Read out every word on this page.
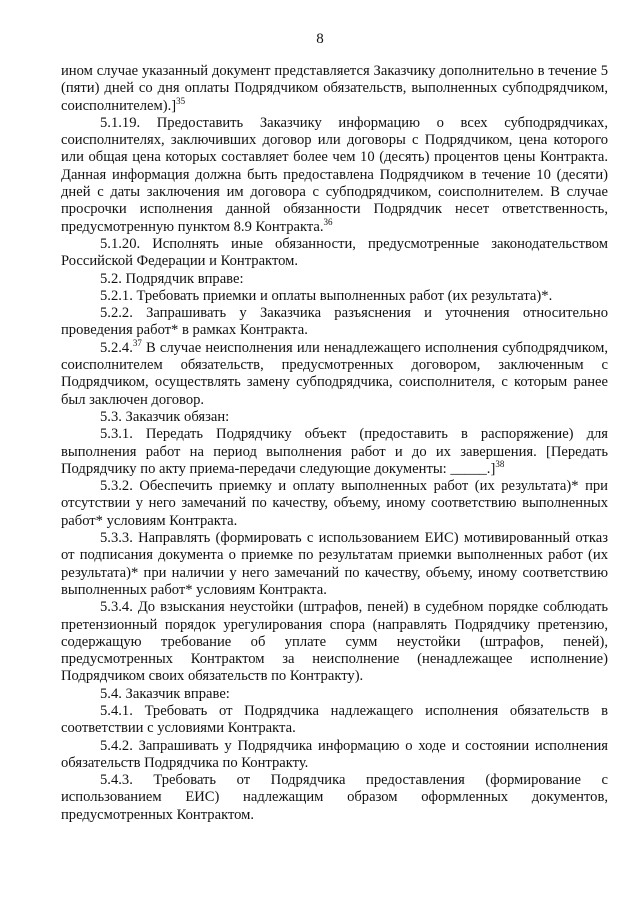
8

ином случае указанный документ представляется Заказчику дополнительно в течение 5 (пяти) дней со дня оплаты Подрядчиком обязательств, выполненных субподрядчиком, соисполнителем).]$^{35}$

5.1.19. Предоставить Заказчику информацию о всех субподрядчиках, соисполнителях, заключивших договор или договоры с Подрядчиком, цена которого или общая цена которых составляет более чем 10 (десять) процентов цены Контракта. Данная информация должна быть предоставлена Подрядчиком в течение 10 (десяти) дней с даты заключения им договора с субподрядчиком, соисполнителем. В случае просрочки исполнения данной обязанности Подрядчик несет ответственность, предусмотренную пунктом 8.9 Контракта.$^{36}$

5.1.20. Исполнять иные обязанности, предусмотренные законодательством Российской Федерации и Контрактом.

5.2. Подрядчик вправе:

5.2.1. Требовать приемки и оплаты выполненных работ (их результата)*.

5.2.2. Запрашивать у Заказчика разъяснения и уточнения относительно проведения работ* в рамках Контракта.

5.2.4.37 В случае неисполнения или ненадлежащего исполнения субподрядчиком, соисполнителем обязательств, предусмотренных договором, заключенным с Подрядчиком, осуществлять замену субподрядчика, соисполнителя, с которым ранее был заключен договор.

5.3. Заказчик обязан:

5.3.1. Передать Подрядчику объект (предоставить в распоряжение) для выполнения работ на период выполнения работ и до их завершения. [Передать Подрядчику по акту приема-передачи следующие документы: _____.]$^{38}$

5.3.2. Обеспечить приемку и оплату выполненных работ (их результата)* при отсутствии у него замечаний по качеству, объему, иному соответствию выполненных работ* условиям Контракта.

5.3.3. Направлять (формировать с использованием ЕИС) мотивированный отказ от подписания документа о приемке по результатам приемки выполненных работ (их результата)* при наличии у него замечаний по качеству, объему, иному соответствию выполненных работ* условиям Контракта.

5.3.4. До взыскания неустойки (штрафов, пеней) в судебном порядке соблюдать претензионный порядок урегулирования спора (направлять Подрядчику претензию, содержащую требование об уплате сумм неустойки (штрафов, пеней), предусмотренных Контрактом за неисполнение (ненадлежащее исполнение) Подрядчиком своих обязательств по Контракту).

5.4. Заказчик вправе:

5.4.1. Требовать от Подрядчика надлежащего исполнения обязательств в соответствии с условиями Контракта.

5.4.2. Запрашивать у Подрядчика информацию о ходе и состоянии исполнения обязательств Подрядчика по Контракту.

5.4.3. Требовать от Подрядчика предоставления (формирование с использованием ЕИС) надлежащим образом оформленных документов, предусмотренных Контрактом.
